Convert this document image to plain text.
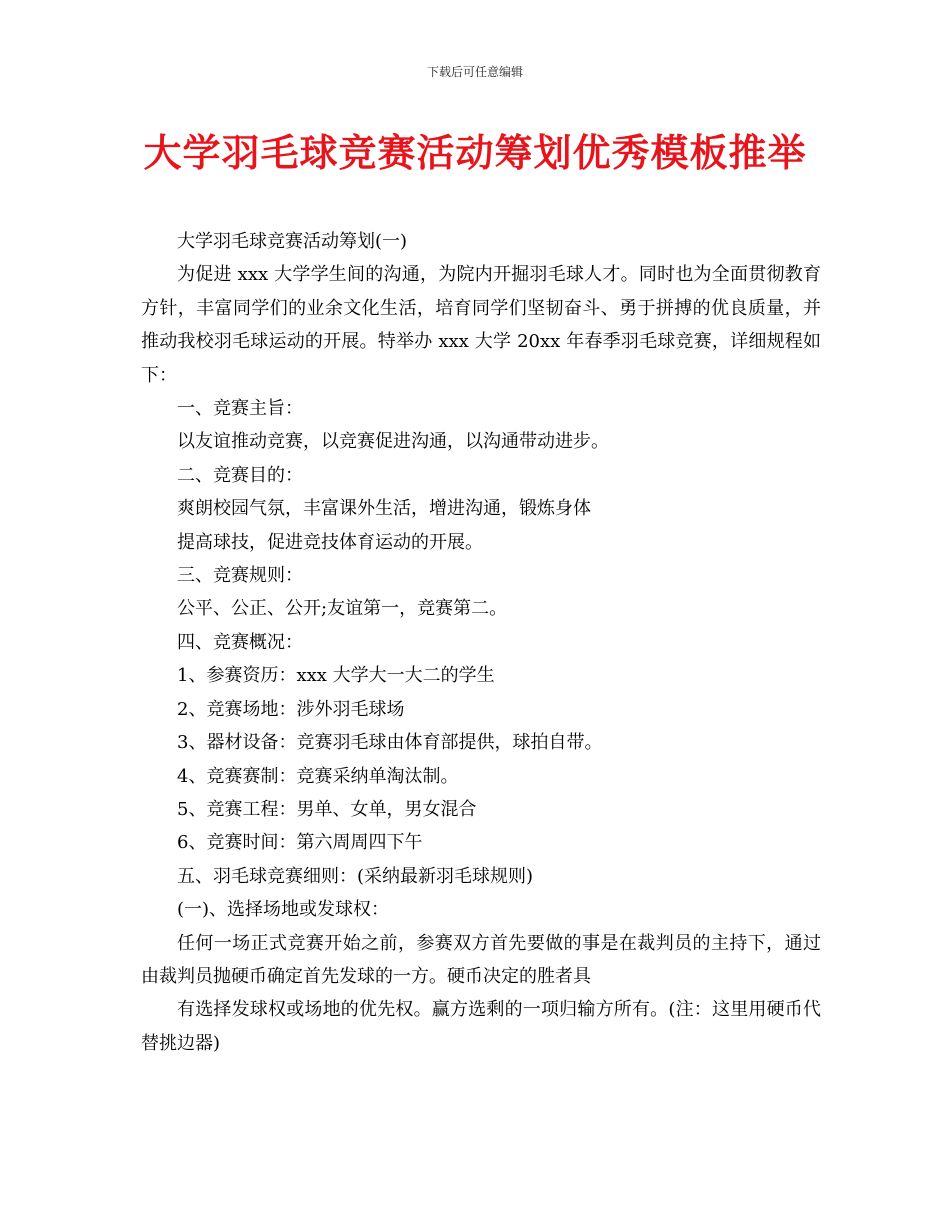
下载后可任意编辑
大学羽毛球竞赛活动筹划优秀模板推举

大学羽毛球竞赛活动筹划(一)

为促进 xxx 大学学生间的沟通，为院内开掘羽毛球人才。同时也为全面贯彻教育方针，丰富同学们的业余文化生活，培育同学们坚韧奋斗、勇于拼搏的优良质量，并推动我校羽毛球运动的开展。特举办 xxx 大学 20xx 年春季羽毛球竞赛，详细规程如下：

一、竞赛主旨：

以友谊推动竞赛，以竞赛促进沟通，以沟通带动进步。

二、竞赛目的：

爽朗校园气氛，丰富课外生活，增进沟通，锻炼身体

提高球技，促进竞技体育运动的开展。

三、竞赛规则：

公平、公正、公开;友谊第一，竞赛第二。

四、竞赛概况：

1、参赛资历：xxx 大学大一大二的学生

2、竞赛场地：涉外羽毛球场

3、器材设备：竞赛羽毛球由体育部提供，球拍自带。

4、竞赛赛制：竞赛采纳单淘汰制。

5、竞赛工程：男单、女单，男女混合

6、竞赛时间：第六周周四下午

五、羽毛球竞赛细则：(采纳最新羽毛球规则)

(一)、选择场地或发球权：

任何一场正式竞赛开始之前，参赛双方首先要做的事是在裁判员的主持下，通过由裁判员抛硬币确定首先发球的一方。硬币决定的胜者具

有选择发球权或场地的优先权。赢方选剩的一项归输方所有。(注：这里用硬币代替挑边器)
